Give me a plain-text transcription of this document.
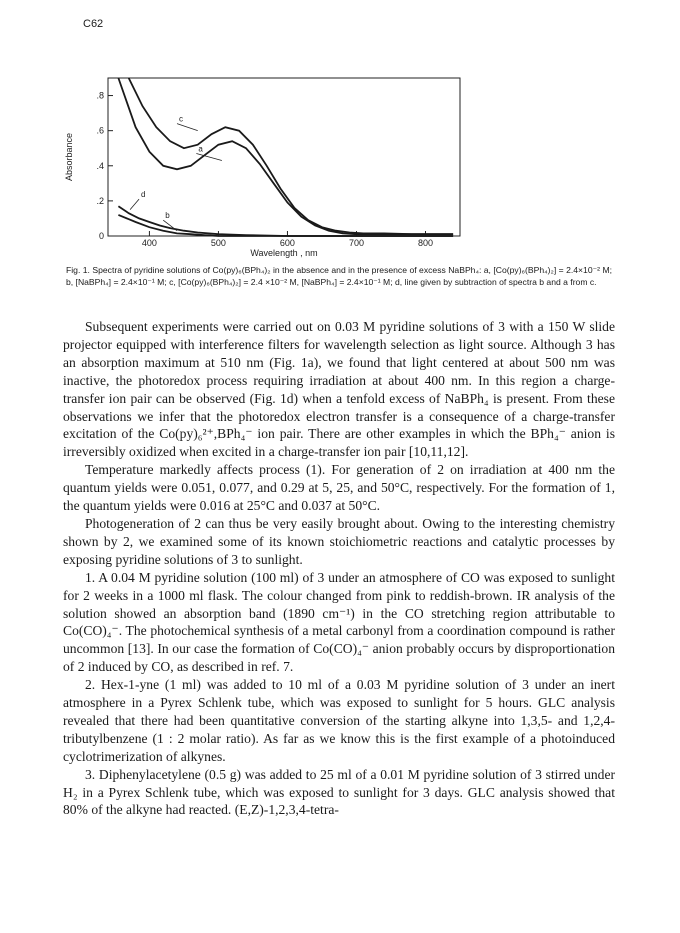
C62
400	500	600	700	800
0
.2
.4
.6
.8
a
b
c
d
Wavelength , nm
Absorbance
Fig. 1. Spectra of pyridine solutions of Co(py)₆(BPh₄)₂ in the absence and in the presence of excess NaBPh₄: a, [Co(py)₆(BPh₄)₂] = 2.4×10⁻² M; b, [NaBPh₄] = 2.4×10⁻¹ M; c, [Co(py)₆(BPh₄)₂] = 2.4 ×10⁻² M, [NaBPh₄] = 2.4×10⁻¹ M; d, line given by subtraction of spectra b and a from c.

Subsequent experiments were carried out on 0.03 M pyridine solutions of 3 with a 150 W slide projector equipped with interference filters for wavelength selection as light source. Although 3 has an absorption maximum at 510 nm (Fig. 1a), we found that light centered at about 500 nm was inactive, the photoredox process requiring irradiation at about 400 nm. In this region a charge-transfer ion pair can be observed (Fig. 1d) when a tenfold excess of NaBPh₄ is present. From these observations we infer that the photoredox electron transfer is a consequence of a charge-transfer excitation of the Co(py)₆²⁺,BPh₄⁻ ion pair. There are other examples in which the BPh₄⁻ anion is irreversibly oxidized when excited in a charge-transfer ion pair [10,11,12].

Temperature markedly affects process (1). For generation of 2 on irradiation at 400 nm the quantum yields were 0.051, 0.077, and 0.29 at 5, 25, and 50°C, respectively. For the formation of 1, the quantum yields were 0.016 at 25°C and 0.037 at 50°C.

Photogeneration of 2 can thus be very easily brought about. Owing to the interesting chemistry shown by 2, we examined some of its known stoichiometric reactions and catalytic processes by exposing pyridine solutions of 3 to sunlight.

1. A 0.04 M pyridine solution (100 ml) of 3 under an atmosphere of CO was exposed to sunlight for 2 weeks in a 1000 ml flask. The colour changed from pink to reddish-brown. IR analysis of the solution showed an absorption band (1890 cm⁻¹) in the CO stretching region attributable to Co(CO)₄⁻. The photochemical synthesis of a metal carbonyl from a coordination compound is rather uncommon [13]. In our case the formation of Co(CO)₄⁻ anion probably occurs by disproportionation of 2 induced by CO, as described in ref. 7.

2. Hex-1-yne (1 ml) was added to 10 ml of a 0.03 M pyridine solution of 3 under an inert atmosphere in a Pyrex Schlenk tube, which was exposed to sunlight for 5 hours. GLC analysis revealed that there had been quantitative conversion of the starting alkyne into 1,3,5- and 1,2,4- tributylbenzene (1 : 2 molar ratio). As far as we know this is the first example of a photoinduced cyclotrimerization of alkynes.

3. Diphenylacetylene (0.5 g) was added to 25 ml of a 0.01 M pyridine solution of 3 stirred under H₂ in a Pyrex Schlenk tube, which was exposed to sunlight for 3 days. GLC analysis showed that 80% of the alkyne had reacted. (E,Z)-1,2,3,4-tetra-
